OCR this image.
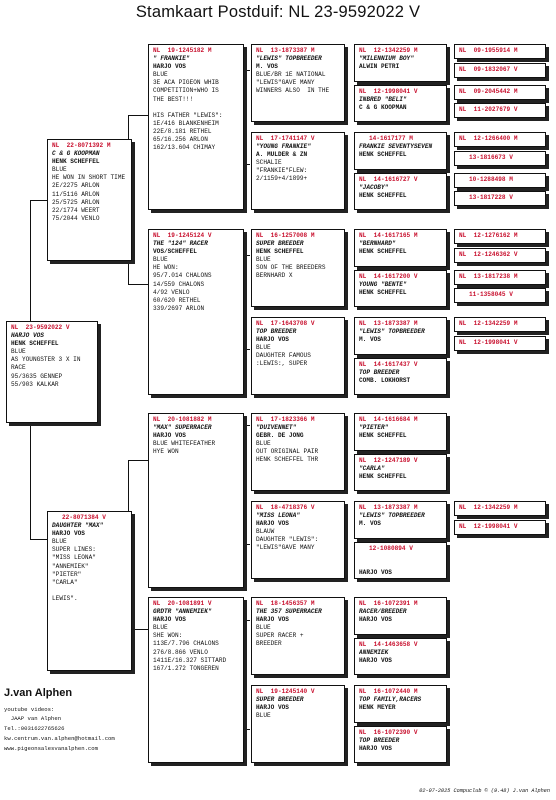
Stamkaart Postduif: NL 23-9592022 V
NL  23-9592022 V
HARJO VOS
HENK SCHEFFEL
BLUE
AS YOUNGSTER 3 X IN
RACE
95/3635 GENNEP
55/903 KALKAR
NL  22-8071392 M
C & G KOOPMAN
HENK SCHEFFEL
BLUE
HE WON IN SHORT TIME
2E/2275 ARLON
11/5116 ARLON
25/5725 ARLON
22/1774 WEERT
75/2044 VENLO
22-8071384 V
DAUGHTER "MAX"
HARJO VOS
BLUE
SUPER LINES:
"MISS LEONA"
"ANNEMIEK"
"PIETER"
"CARLA"
LEWIS".
NL  19-1245182 M
" FRANKIE"
HARJO VOS
BLUE
3E ACA PIGEON WHIB
COMPETITION+WHO IS
THE BEST!!!
HIS FATHER "LEWIS":
1E/416 BLANKENHEIM
22E/8.181 RETHEL
65/16.256 ARLON
162/13.604 CHIMAY
NL  19-1245124 V
THE "124" RACER
VOS/SCHEFFEL
BLUE
HE WON:
95/7.014 CHALONS
14/559 CHALONS
4/92 VENLO
60/620 RETHEL
339/2697 ARLON
NL  20-1081882 M
"MAX" SUPERRACER
HARJO VOS
BLUE WHITEFEATHER
HYE WON
NL  20-1081891 V
GRDTR "ANNEMIEK"
HARJO VOS
BLUE
SHE WON:
113E/7.796 CHALONS
276/8.866 VENLO
1411E/16.327 SITTARD
167/1.272 TONGEREN
NL  13-1873387 M
"LEWIS" TOPBREEDER
M. VOS
BLUE/BR 1E NATIONAL
"LEWIS"GAVE MANY
WINNERS ALSO  IN THE
NL  17-1741147 V
"YOUNG FRANKIE"
A. MULDER & ZN
SCHALIE
"FRANKIE"FLEW:
2/1159+4/1899+
NL  16-1257008 M
SUPER BREEDER
HENK SCHEFFEL
BLUE
SON OF THE BREEDERS
BERNHARD X
NL  17-1643708 V
TOP BREEDER
HARJO VOS
BLUE
DAUGHTER FAMOUS
:LEWIS:, SUPER
NL  17-1823366 M
"DUIVENNET"
GEBR. DE JONG
BLUE
OUT ORIGINAL PAIR
HENK SCHEFFEL THR
NL  18-4718376 V
"MISS LEONA"
HARJO VOS
BLAUW
DAUGHTER "LEWIS":
"LEWIS"GAVE MANY
NL  18-1456357 M
THE 357 SUPERRACER
HARJO VOS
BLUE
SUPER RACER +
BREEDER
NL  19-1245140 V
SUPER BREEDER
HARJO VOS
BLUE
NL  12-1342259 M
"MILENNIUM BOY"
ALWIN PETRI
NL  12-1998041 V
INBRED "BELI"
C & G KOOPMAN
14-1617177 M
FRANKIE SEVENTYSEVEN
HENK SCHEFFEL
NL  14-1616727 V
"JACOBY"
HENK SCHEFFEL
NL  14-1617165 M
"BERNHARD"
HENK SCHEFFEL
NL  14-1617200 V
YOUNG "BENTE"
HENK SCHEFFEL
NL  13-1873387 M
"LEWIS" TOPBREEDER
M. VOS
NL  14-1617437 V
TOP BREEDER
COMB. LOKHORST
NL  14-1616684 M
"PIETER"
HENK SCHEFFEL
NL  12-1247189 V
"CARLA"
HENK SCHEFFEL
NL  13-1873387 M
"LEWIS" TOPBREEDER
M. VOS
12-1080894 V
HARJO VOS
NL  16-1072391 M
RACER/BREEDER
HARJO VOS
NL  14-1463658 V
ANNEMIEK
HARJO VOS
NL  16-1072440 M
TOP FAMILY,RACERS
HENK MEYER
NL  16-1072390 V
TOP BREEDER
HARJO VOS
NL  09-1955914 M
NL  09-1832067 V
NL  09-2045442 M
NL  11-2027679 V
NL  12-1266400 M
13-1816673 V
10-1288498 M
13-1817228 V
NL  12-1276162 M
NL  12-1246362 V
NL  13-1817238 M
11-1358045 V
NL  12-1342259 M
NL  12-1998041 V
NL  12-1342259 M
NL  12-1998041 V
J.van Alphen
youtube videos:
JAAP van Alphen
Tel.:0031622765626
kw.centrum.van.alphen@hotmail.com
www.pigeonsalesvanalphen.com
02-07-2025 Compuclub © (9.48) J.van Alphen
